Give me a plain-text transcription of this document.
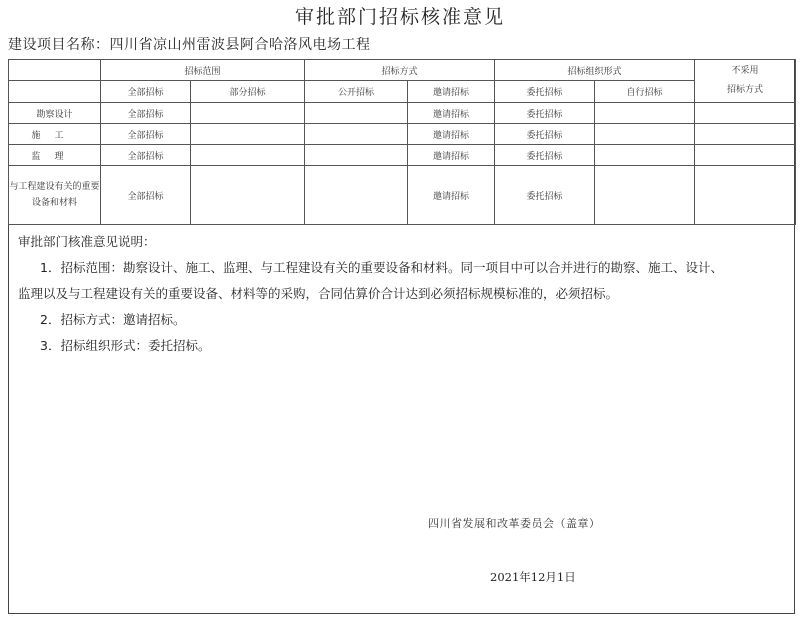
审批部门招标核准意见
建设项目名称：四川省凉山州雷波县阿合哈洛风电场工程
	招标范围		招标方式		招标组织形式		不采用
招标方式

	全部招标	部分招标	公开招标	邀请招标	委托招标	自行招标	
勘察设计	全部招标			邀请招标	委托招标		
施工	全部招标			邀请招标	委托招标		
监理	全部招标			邀请招标	委托招标		
与工程建设有关的重要设备和材料	全部招标			邀请招标	委托招标		
审批部门核准意见说明：
1．招标范围：勘察设计、施工、监理、与工程建设有关的重要设备和材料。同一项目中可以合并进行的勘察、施工、设计、
监理以及与工程建设有关的重要设备、材料等的采购，合同估算价合计达到必须招标规模标准的，必须招标。
2．招标方式：邀请招标。
3．招标组织形式：委托招标。
四川省发展和改革委员会（盖章）
2021年12月1日
